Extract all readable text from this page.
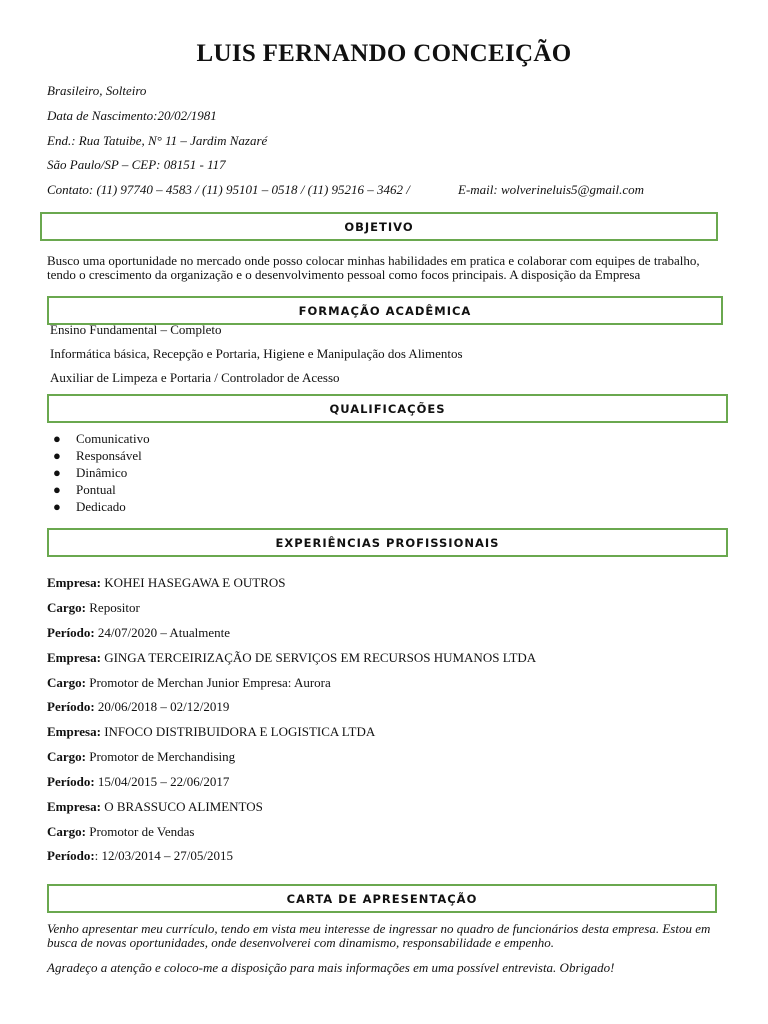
LUIS FERNANDO CONCEIÇÃO
Brasileiro, Solteiro
Data de Nascimento:20/02/1981
End.: Rua Tatuibe, N° 11 – Jardim Nazaré
São Paulo/SP – CEP: 08151 - 117
Contato: (11) 97740 – 4583 / (11) 95101 – 0518 / (11) 95216 – 3462 /	E-mail: wolverineluis5@gmail.com
OBJETIVO
Busco uma oportunidade no mercado onde posso colocar minhas habilidades em pratica e colaborar com equipes de trabalho, tendo o crescimento da organização e o desenvolvimento pessoal como focos principais. A disposição da Empresa
FORMAÇÃO ACADÊMICA
Ensino Fundamental – Completo
Informática básica, Recepção e Portaria, Higiene e Manipulação dos Alimentos
Auxiliar de Limpeza e Portaria / Controlador de Acesso
QUALIFICAÇÕES
● Comunicativo
● Responsável
● Dinâmico
● Pontual
● Dedicado
EXPERIÊNCIAS PROFISSIONAIS
Empresa: KOHEI HASEGAWA E OUTROS
Cargo: Repositor
Período: 24/07/2020 – Atualmente
Empresa: GINGA TERCEIRIZAÇÃO DE SERVIÇOS EM RECURSOS HUMANOS LTDA
Cargo: Promotor de Merchan Junior Empresa: Aurora
Período: 20/06/2018 – 02/12/2019
Empresa: INFOCO DISTRIBUIDORA E LOGISTICA LTDA
Cargo: Promotor de Merchandising
Período: 15/04/2015 – 22/06/2017
Empresa: O BRASSUCO ALIMENTOS
Cargo: Promotor de Vendas
Período:: 12/03/2014 – 27/05/2015
CARTA DE APRESENTAÇÃO
Venho apresentar meu currículo, tendo em vista meu interesse de ingressar no quadro de funcionários desta empresa. Estou em busca de novas oportunidades, onde desenvolverei com dinamismo, responsabilidade e empenho.
Agradeço a atenção e coloco-me a disposição para mais informações em uma possível entrevista. Obrigado!
